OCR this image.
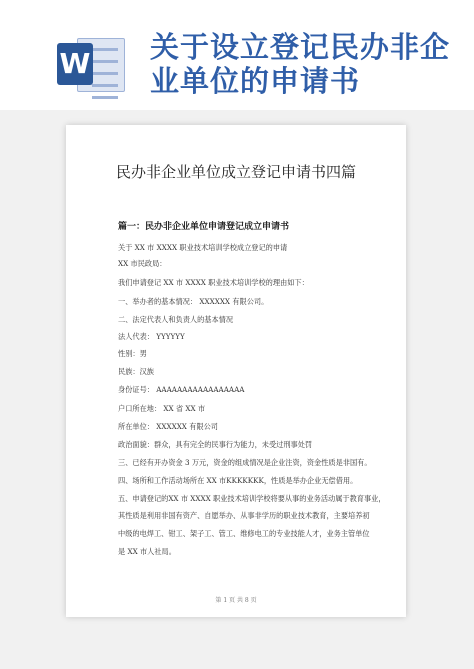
W 关于设立登记民办非企业单位的申请书
民办非企业单位成立登记申请书四篇

篇一：民办非企业单位申请登记成立申请书

关于 XX 市 XXXX 职业技术培训学校成立登记的申请

XX 市民政局：

我们申请登记 XX 市 XXXX 职业技术培训学校的理由如下：

一、举办者的基本情况： XXXXXX 有限公司。

二、法定代表人和负责人的基本情况

法人代表： YYYYYY

性别：男

民族：汉族

身份证号： AAAAAAAAAAAAAAAAA

户口所在地： XX 省 XX 市

所在单位： XXXXXX 有限公司

政治面貌：群众，具有完全的民事行为能力，未受过刑事处罚

三、已经有开办资金 3 万元，资金的组成情况是企业注资，资金性质是非国有。

四、场所和工作活动场所在 XX 市KKKKKKK，性质是举办企业无偿借用。

五、申请登记的XX 市 XXXX 职业技术培训学校将要从事的业务活动属于教育事业，

其性质是利用非国有资产、自愿举办、从事非学历的职业技术教育，主要培养初

中级的电焊工、钳工、架子工、管工、维修电工的专业技能人才，业务主管单位

是 XX 市人社局。

第 1 页 共 8 页
